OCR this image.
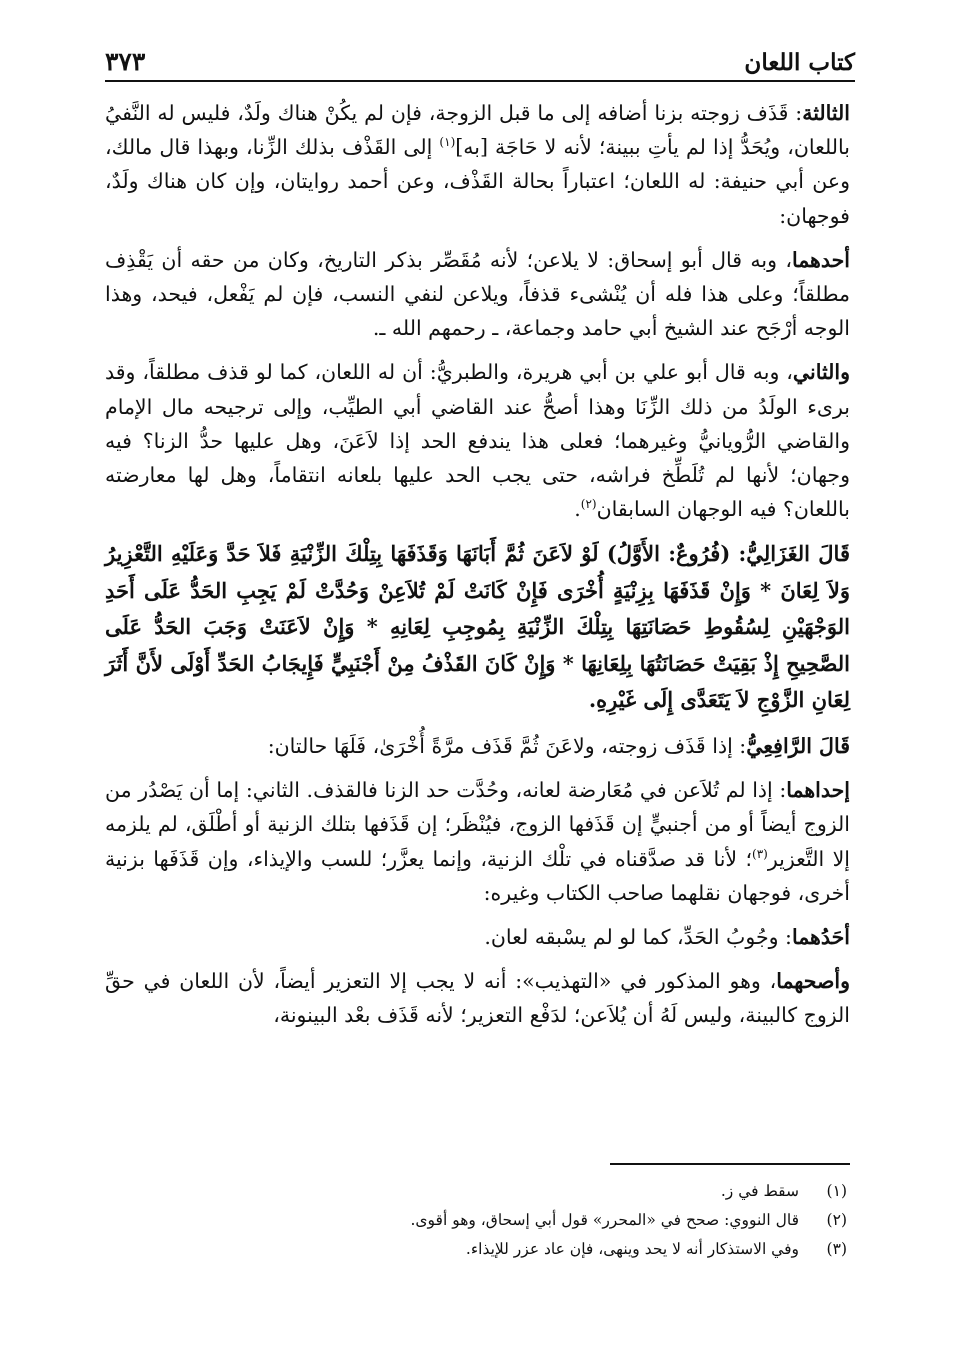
كتاب اللعان
٣٧٣

الثالثة: قَذَف زوجته بزنا أضافه إلى ما قبل الزوجة، فإن لم يكُنْ هناك ولَدٌ، فليس له النَّفيُ باللعان، ويُحَدُّ إذا لم يأتِ ببينة؛ لأنه لا حَاجَة [به]$^{(١)}$ إلى القَذْف بذلك الزِّنا، وبهذا قال مالك، وعن أبي حنيفة: له اللعان؛ اعتباراً بحالة القَذْف، وعن أحمد روايتان، وإن كان هناك ولَدٌ، فوجهان:

أحدهما، وبه قال أبو إسحاق: لا يلاعن؛ لأنه مُقَصِّر بذكر التاريخ، وكان من حقه أن يَقْذِف مطلقاً؛ وعلى هذا فله أن يُنْشىء قذفاً، ويلاعن لنفي النسب، فإن لم يَفْعل، فيحد، وهذا الوجه أرْجَح عند الشيخ أبي حامد وجماعة، ـ رحمهم الله ـ.

والثاني، وبه قال أبو علي بن أبي هريرة، والطبريُّ: أن له اللعان، كما لو قذف مطلقاً، وقد برىء الولَدُ من ذلك الزِّنَا وهذا أصحُّ عند القاضي أبي الطيِّب، وإلى ترجيحه مال الإمام والقاضي الرُّويانيُّ وغيرهما؛ فعلى هذا يندفع الحد إذا لاَعَنَ، وهل عليها حدُّ الزنا؟ فيه وجهان؛ لأنها لم تُلَطِّخ فراشه، حتى يجب الحد عليها بلعانه انتقاماً، وهل لها معارضته باللعان؟ فيه الوجهان السابقان$^{(٢)}$.

قَالَ الغَزَالِيُّ: (فُرُوعٌ: الأَوَّلُ) لَوْ لاَعَنَ ثُمَّ أَبَانَهَا وَقَذَفَهَا بِتِلْكَ الزِّنْيَةِ فَلاَ حَدَّ وَعَلَيْهِ التَّعْزِيرُ وَلاَ لِعَانَ * وَإِنْ قَذَفَهَا بِزِنْيَةٍ أُخْرَى فَإِنْ كَانَتْ لَمْ تُلاَعِنْ وَحُدَّتْ لَمْ يَجِبِ الحَدُّ عَلَى أَحَدِ الوَجْهَيْنِ لِسُقُوطِ حَصَانَتِهَا بِتِلْكَ الزِّنْيَةِ بِمُوجِبِ لِعَانِهِ * وَإِنْ لاَعَنَتْ وَجَبَ الحَدُّ عَلَى الصَّحِيحِ إِذْ بَقِيَتْ حَصَانَتُهَا بِلِعَانِهَا * وَإِنْ كَانَ القَذْفُ مِنْ أَجْنَبِيٍّ فَإِيجَابُ الحَدِّ أَوْلَى لأَنَّ أَثَرَ لِعَانِ الزَّوْجِ لاَ يَتَعَدَّى إِلَى غَيْرِهِ.

قَالَ الرَّافِعِيُّ: إذا قَذَف زوجته، ولاعَنَ ثُمَّ قَذَف مرَّةً أُخْرَىٰ، فَلَهَا حالتان:

إحداهما: إذا لم تُلاَعن في مُعَارضة لعانه، وحُدَّت حد الزنا فالقذف. الثاني: إما أن يَصْدُر من الزوج أيضاً أو من أجنبيٍّ إن قَذَفها الزوج، فيُنْظَر؛ إن قَذَفها بتلك الزنية أو أطْلَق، لم يلزمه إلا التَّعزير$^{(٣)}$؛ لأنا قد صدَّقناه في تلْك الزنية، وإنما يعزَّر؛ للسب والإيذاء، وإن قَذَفَها بزنية أخرى، فوجهان نقلهما صاحب الكتاب وغيره:

أحَدُهما: وجُوبُ الحَدِّ، كما لو لم يسْبقه لعان.

وأصحهما، وهو المذكور في «التهذيب»: أنه لا يجب إلا التعزير أيضاً، لأن اللعان في حقِّ الزوج كالبينة، وليس لَهُ أن يُلاَعن؛ لدَفْع التعزير؛ لأنه قَذَف بعْد البينونة،

(١)
سقط في ز.
(٢)
قال النووي: صحح في «المحرر» قول أبي إسحاق، وهو أقوى.
(٣)
وفي الاستذكار أنه لا يحد وينهى، فإن عاد عزر للإيذاء.
